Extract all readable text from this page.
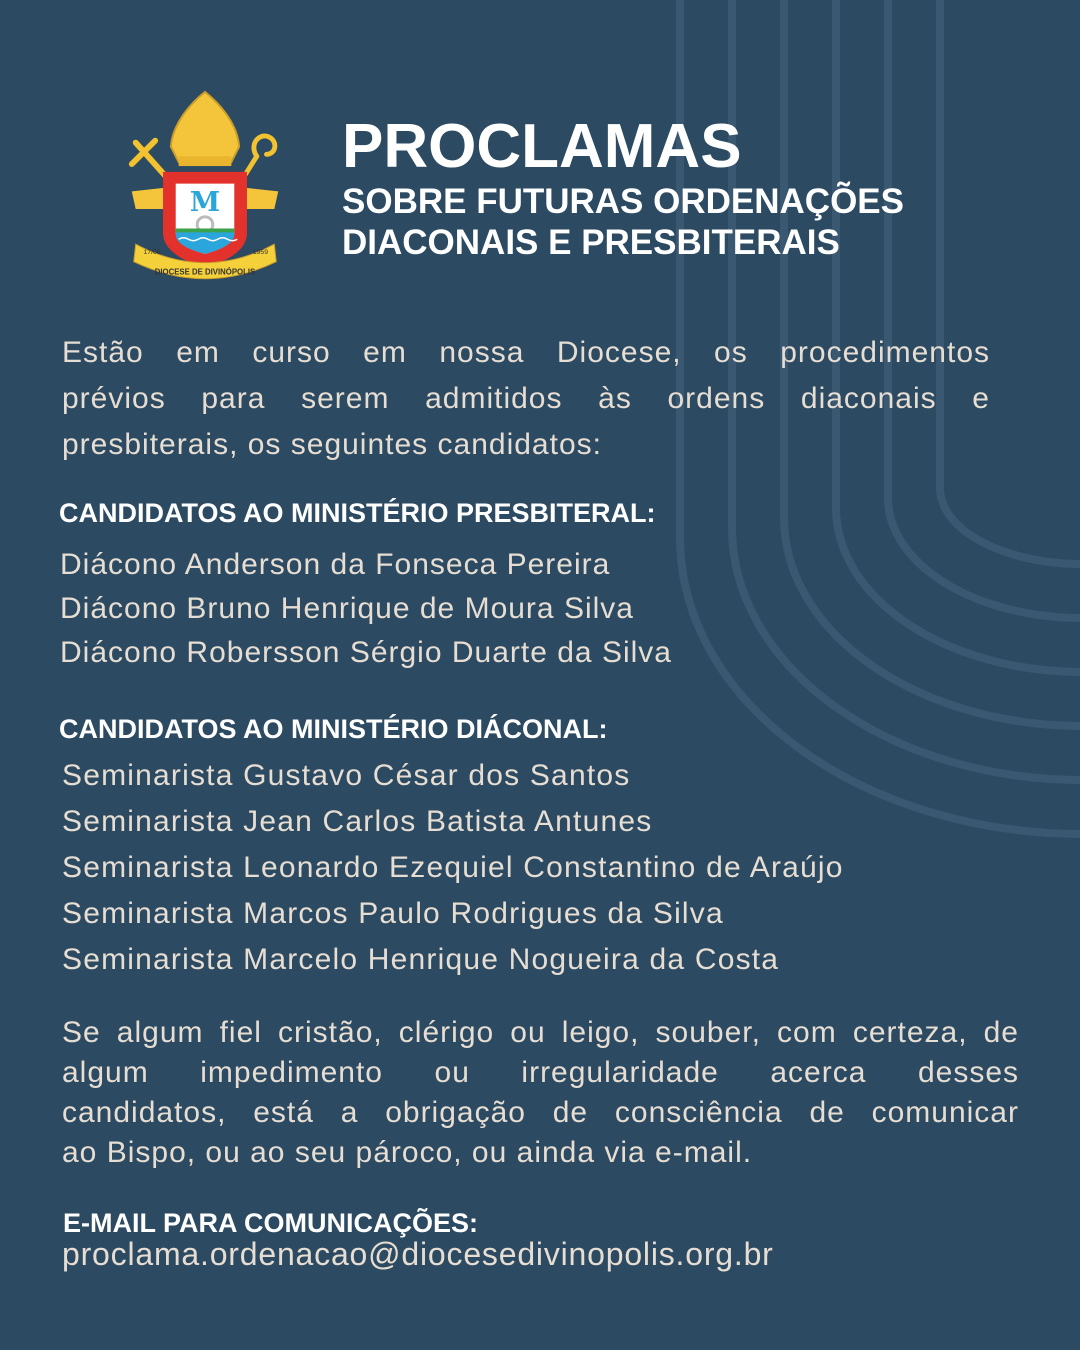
M
17/05	1959
DIOCESE DE DIVINÓPOLIS
PROCLAMAS
SOBRE FUTURAS ORDENAÇÕES
DIACONAIS E PRESBITERAIS
Estão em curso em nossa Diocese, os procedimentos
prévios para serem admitidos às ordens diaconais e
presbiterais, os seguintes candidatos:
CANDIDATOS AO MINISTÉRIO PRESBITERAL:
Diácono Anderson da Fonseca Pereira
Diácono Bruno Henrique de Moura Silva
Diácono Robersson Sérgio Duarte da Silva
CANDIDATOS AO MINISTÉRIO DIÁCONAL:
Seminarista Gustavo César dos Santos
Seminarista Jean Carlos Batista Antunes
Seminarista Leonardo Ezequiel Constantino de Araújo
Seminarista Marcos Paulo Rodrigues da Silva
Seminarista Marcelo Henrique Nogueira da Costa
Se algum fiel cristão, clérigo ou leigo, souber, com certeza, de
algum impedimento ou irregularidade acerca desses
candidatos, está a obrigação de consciência de comunicar
ao Bispo, ou ao seu pároco, ou ainda via e-mail.
E-MAIL PARA COMUNICAÇÕES:
proclama.ordenacao@diocesedivinopolis.org.br
